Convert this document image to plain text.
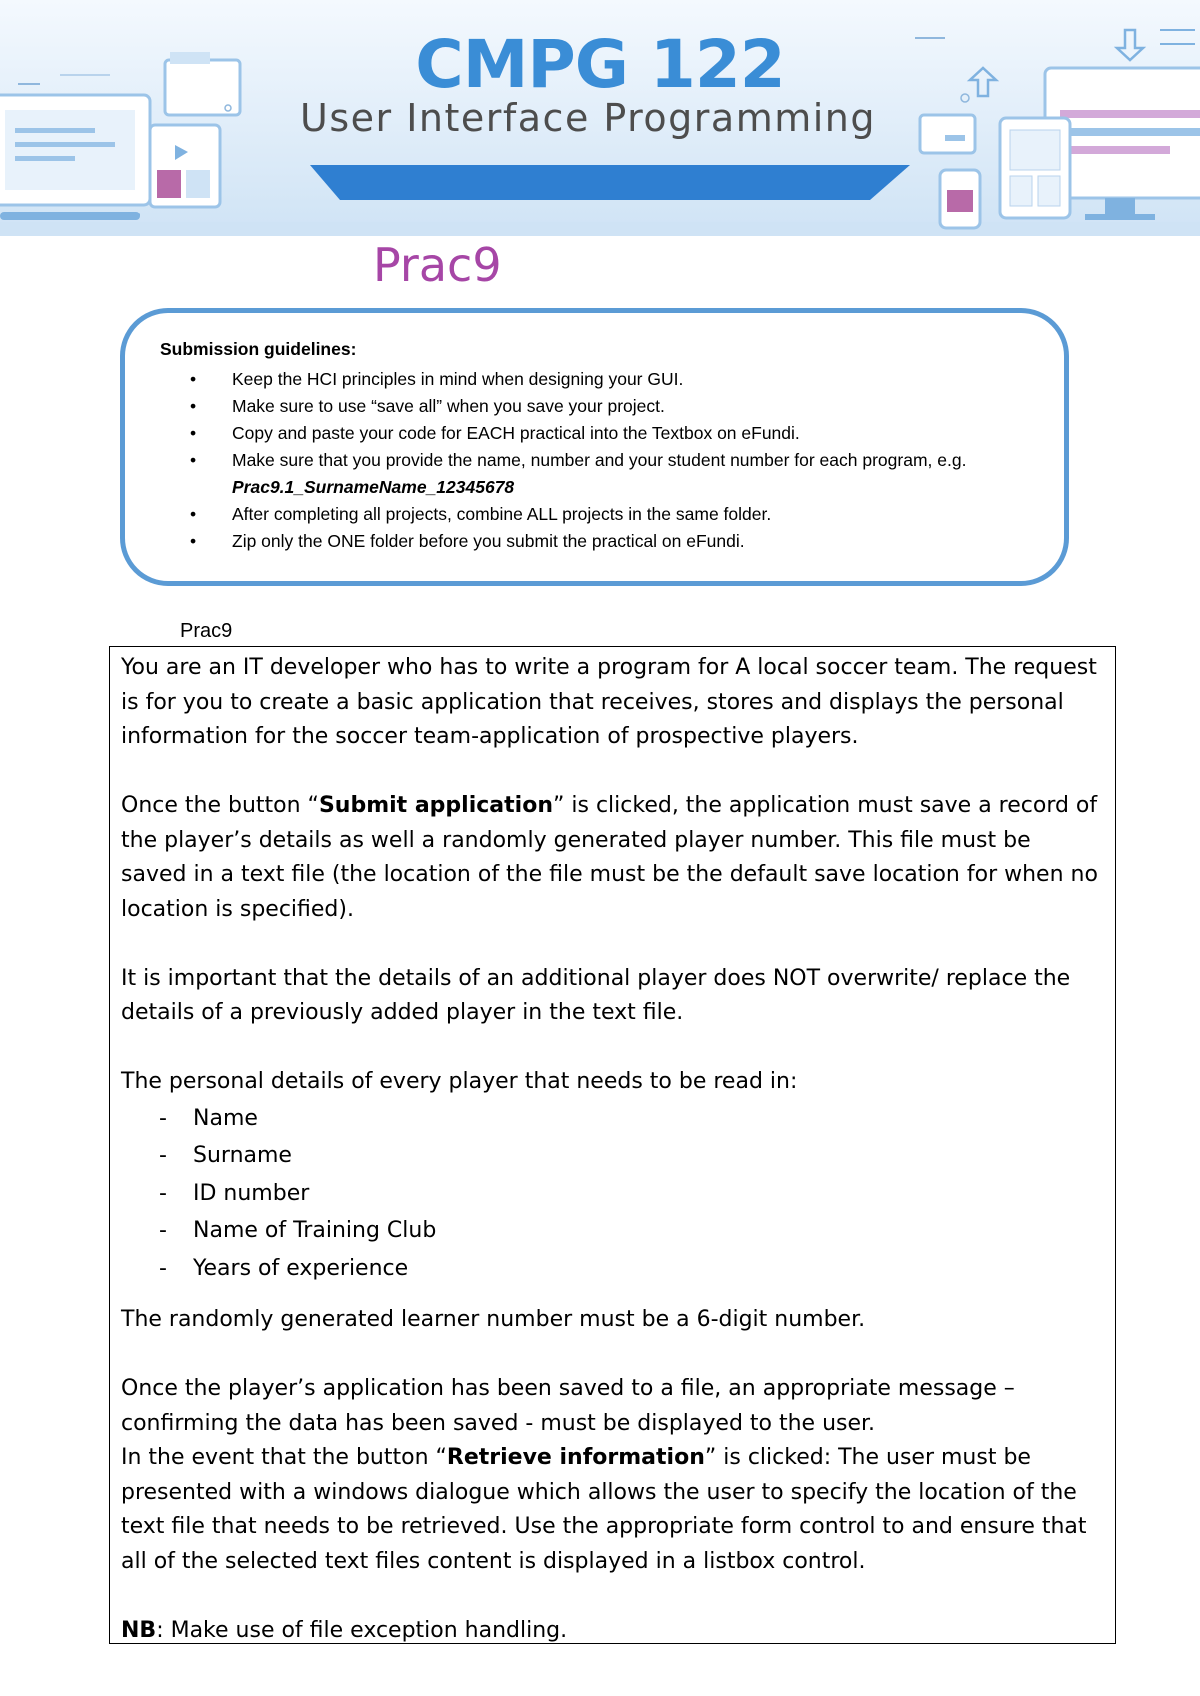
CMPG 122
User Interface Programming
Prac9
Submission guidelines:
• Keep the HCI principles in mind when designing your GUI.
• Make sure to use “save all” when you save your project.
• Copy and paste your code for EACH practical into the Textbox on eFundi.
• Make sure that you provide the name, number and your student number for each program, e.g. Prac9.1_SurnameName_12345678
• After completing all projects, combine ALL projects in the same folder.
• Zip only the ONE folder before you submit the practical on eFundi.
Prac9

You are an IT developer who has to write a program for A local soccer team. The request is for you to create a basic application that receives, stores and displays the personal information for the soccer team-application of prospective players.

Once the button “Submit application” is clicked, the application must save a record of the player’s details as well a randomly generated player number. This file must be saved in a text file (the location of the file must be the default save location for when no location is specified).

It is important that the details of an additional player does NOT overwrite/ replace the details of a previously added player in the text file.

The personal details of every player that needs to be read in:

- Name
- Surname
- ID number
- Name of Training Club
- Years of experience

The randomly generated learner number must be a 6-digit number.

Once the player’s application has been saved to a file, an appropriate message – confirming the data has been saved - must be displayed to the user.

In the event that the button “Retrieve information” is clicked: The user must be presented with a windows dialogue which allows the user to specify the location of the text file that needs to be retrieved. Use the appropriate form control to and ensure that all of the selected text files content is displayed in a listbox control.

NB: Make use of file exception handling.
